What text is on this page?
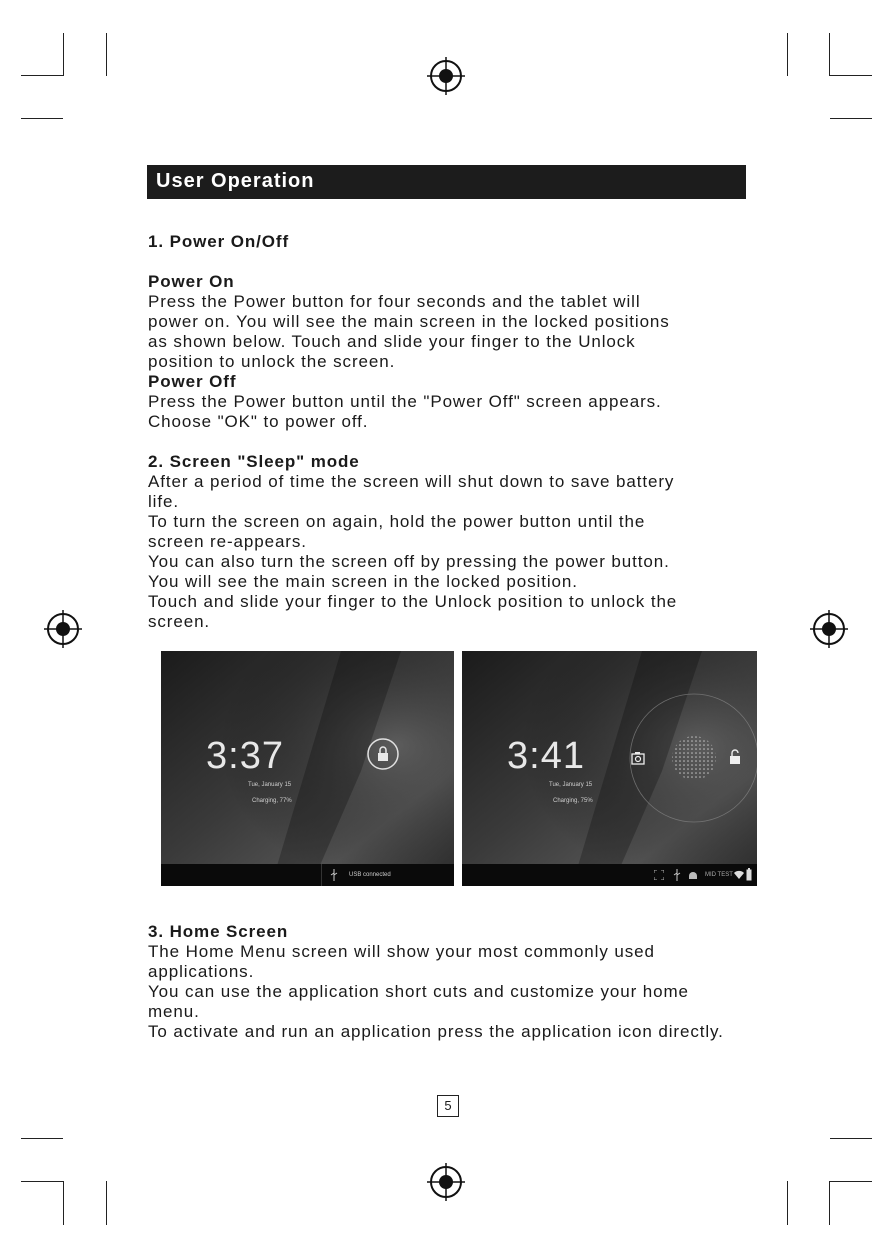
User Operation

1. Power On/Off

Power On

Press the Power button for four seconds and the tablet will

power on. You will see the main screen in the locked positions

as shown below. Touch and slide your finger to the Unlock

position to unlock the screen.

Power Off

Press the Power button until the "Power Off" screen appears.

Choose "OK" to power off.

2. Screen "Sleep" mode

After a period of time the screen will shut down to save battery

life.

To turn the screen on again, hold the power button until the

screen re-appears.

You can also turn the screen off by pressing the power button.

You will see the main screen in the locked position.

Touch and slide your finger to the Unlock position to unlock the

screen.

3:37
Tue, January 15
Charging, 77%
USB connected
3:41
Tue, January 15
Charging, 75%
MID TEST

3. Home Screen

The Home Menu screen will show your most commonly used

applications.

You can use the application short cuts and customize your home

menu.

To activate and run an application press the application icon directly.

5
